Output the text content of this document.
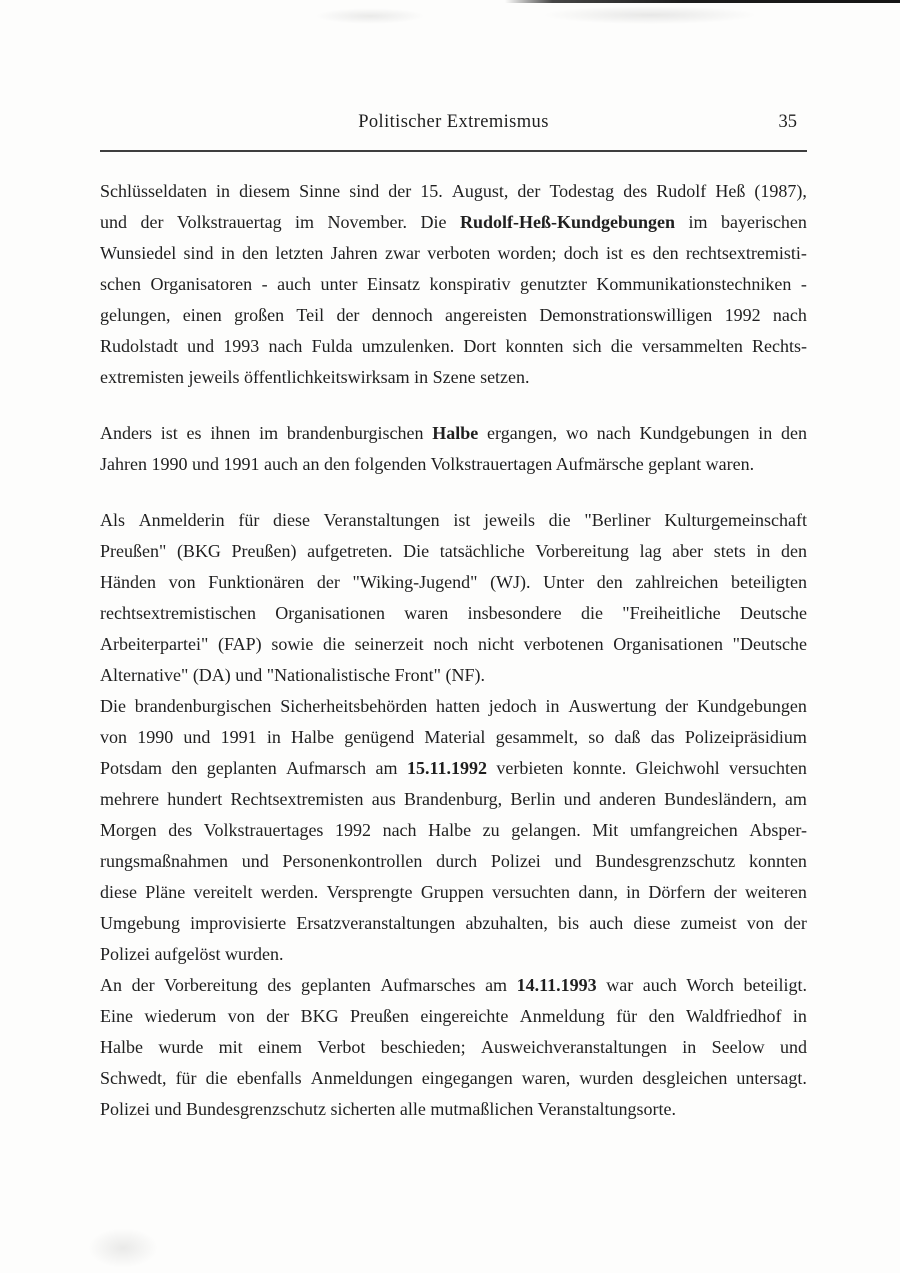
Politischer Extremismus	35
Schlüsseldaten in diesem Sinne sind der 15. August, der Todestag des Rudolf Heß (1987),
und der Volkstrauertag im November. Die Rudolf-Heß-Kundgebungen im bayerischen
Wunsiedel sind in den letzten Jahren zwar verboten worden; doch ist es den rechtsextremisti-
schen Organisatoren - auch unter Einsatz konspirativ genutzter Kommunikationstechniken -
gelungen, einen großen Teil der dennoch angereisten Demonstrationswilligen 1992 nach
Rudolstadt und 1993 nach Fulda umzulenken. Dort konnten sich die versammelten Rechts-
extremisten jeweils öffentlichkeitswirksam in Szene setzen.
Anders ist es ihnen im brandenburgischen Halbe ergangen, wo nach Kundgebungen in den
Jahren 1990 und 1991 auch an den folgenden Volkstrauertagen Aufmärsche geplant waren.
Als Anmelderin für diese Veranstaltungen ist jeweils die "Berliner Kulturgemeinschaft
Preußen" (BKG Preußen) aufgetreten. Die tatsächliche Vorbereitung lag aber stets in den
Händen von Funktionären der "Wiking-Jugend" (WJ). Unter den zahlreichen beteiligten
rechtsextremistischen Organisationen waren insbesondere die "Freiheitliche Deutsche
Arbeiterpartei" (FAP) sowie die seinerzeit noch nicht verbotenen Organisationen "Deutsche
Alternative" (DA) und "Nationalistische Front" (NF).
Die brandenburgischen Sicherheitsbehörden hatten jedoch in Auswertung der Kundgebungen
von 1990 und 1991 in Halbe genügend Material gesammelt, so daß das Polizeipräsidium
Potsdam den geplanten Aufmarsch am 15.11.1992 verbieten konnte. Gleichwohl versuchten
mehrere hundert Rechtsextremisten aus Brandenburg, Berlin und anderen Bundesländern, am
Morgen des Volkstrauertages 1992 nach Halbe zu gelangen. Mit umfangreichen Absper-
rungsmaßnahmen und Personenkontrollen durch Polizei und Bundesgrenzschutz konnten
diese Pläne vereitelt werden. Versprengte Gruppen versuchten dann, in Dörfern der weiteren
Umgebung improvisierte Ersatzveranstaltungen abzuhalten, bis auch diese zumeist von der
Polizei aufgelöst wurden.
An der Vorbereitung des geplanten Aufmarsches am 14.11.1993 war auch Worch beteiligt.
Eine wiederum von der BKG Preußen eingereichte Anmeldung für den Waldfriedhof in
Halbe wurde mit einem Verbot beschieden; Ausweichveranstaltungen in Seelow und
Schwedt, für die ebenfalls Anmeldungen eingegangen waren, wurden desgleichen untersagt.
Polizei und Bundesgrenzschutz sicherten alle mutmaßlichen Veranstaltungsorte.
